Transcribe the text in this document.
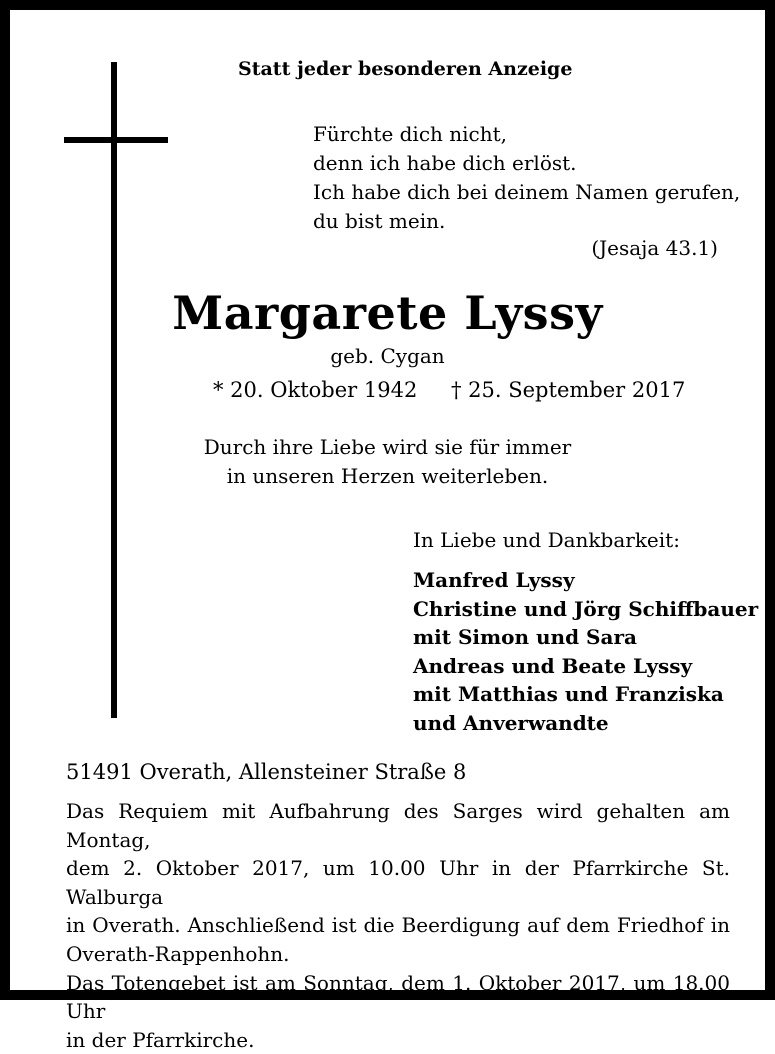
Statt jeder besonderen Anzeige
Fürchte dich nicht,
denn ich habe dich erlöst.
Ich habe dich bei deinem Namen gerufen,
du bist mein.
(Jesaja 43.1)
Margarete Lyssy
geb. Cygan
* 20. Oktober 1942 † 25. September 2017
Durch ihre Liebe wird sie für immer
in unseren Herzen weiterleben.
In Liebe und Dankbarkeit:
Manfred Lyssy
Christine und Jörg Schiffbauer
mit Simon und Sara
Andreas und Beate Lyssy
mit Matthias und Franziska
und Anverwandte
51491 Overath, Allensteiner Straße 8
Das Requiem mit Aufbahrung des Sarges wird gehalten am Montag,
dem 2. Oktober 2017, um 10.00 Uhr in der Pfarrkirche St. Walburga
in Overath. Anschließend ist die Beerdigung auf dem Friedhof in
Overath-Rappenhohn.
Das Totengebet ist am Sonntag, dem 1. Oktober 2017, um 18.00 Uhr
in der Pfarrkirche.
